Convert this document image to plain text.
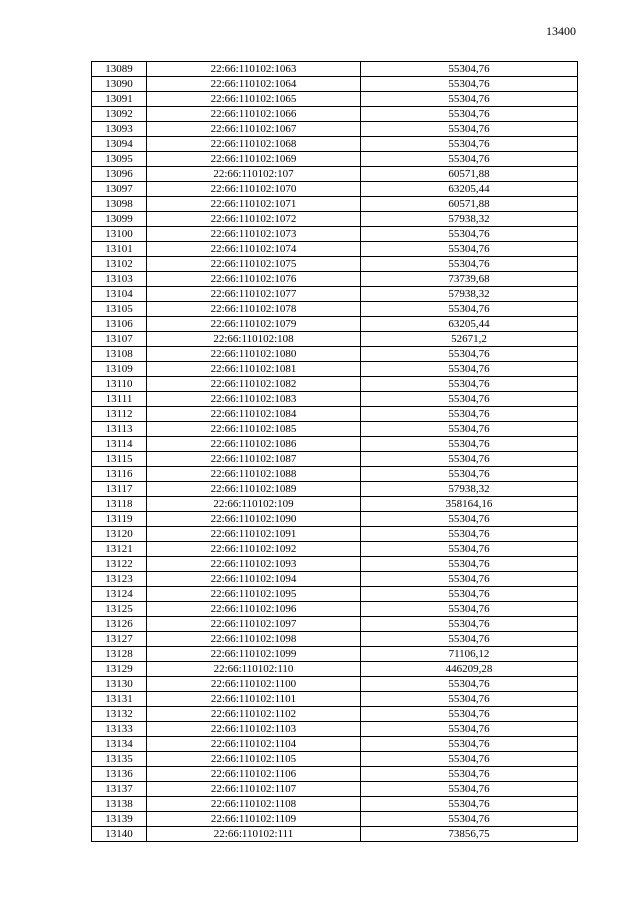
13400
13089	22:66:110102:1063	55304,76
13090	22:66:110102:1064	55304,76
13091	22:66:110102:1065	55304,76
13092	22:66:110102:1066	55304,76
13093	22:66:110102:1067	55304,76
13094	22:66:110102:1068	55304,76
13095	22:66:110102:1069	55304,76
13096	22:66:110102:107	60571,88
13097	22:66:110102:1070	63205,44
13098	22:66:110102:1071	60571,88
13099	22:66:110102:1072	57938,32
13100	22:66:110102:1073	55304,76
13101	22:66:110102:1074	55304,76
13102	22:66:110102:1075	55304,76
13103	22:66:110102:1076	73739,68
13104	22:66:110102:1077	57938,32
13105	22:66:110102:1078	55304,76
13106	22:66:110102:1079	63205,44
13107	22:66:110102:108	52671,2
13108	22:66:110102:1080	55304,76
13109	22:66:110102:1081	55304,76
13110	22:66:110102:1082	55304,76
13111	22:66:110102:1083	55304,76
13112	22:66:110102:1084	55304,76
13113	22:66:110102:1085	55304,76
13114	22:66:110102:1086	55304,76
13115	22:66:110102:1087	55304,76
13116	22:66:110102:1088	55304,76
13117	22:66:110102:1089	57938,32
13118	22:66:110102:109	358164,16
13119	22:66:110102:1090	55304,76
13120	22:66:110102:1091	55304,76
13121	22:66:110102:1092	55304,76
13122	22:66:110102:1093	55304,76
13123	22:66:110102:1094	55304,76
13124	22:66:110102:1095	55304,76
13125	22:66:110102:1096	55304,76
13126	22:66:110102:1097	55304,76
13127	22:66:110102:1098	55304,76
13128	22:66:110102:1099	71106,12
13129	22:66:110102:110	446209,28
13130	22:66:110102:1100	55304,76
13131	22:66:110102:1101	55304,76
13132	22:66:110102:1102	55304,76
13133	22:66:110102:1103	55304,76
13134	22:66:110102:1104	55304,76
13135	22:66:110102:1105	55304,76
13136	22:66:110102:1106	55304,76
13137	22:66:110102:1107	55304,76
13138	22:66:110102:1108	55304,76
13139	22:66:110102:1109	55304,76
13140	22:66:110102:111	73856,75
